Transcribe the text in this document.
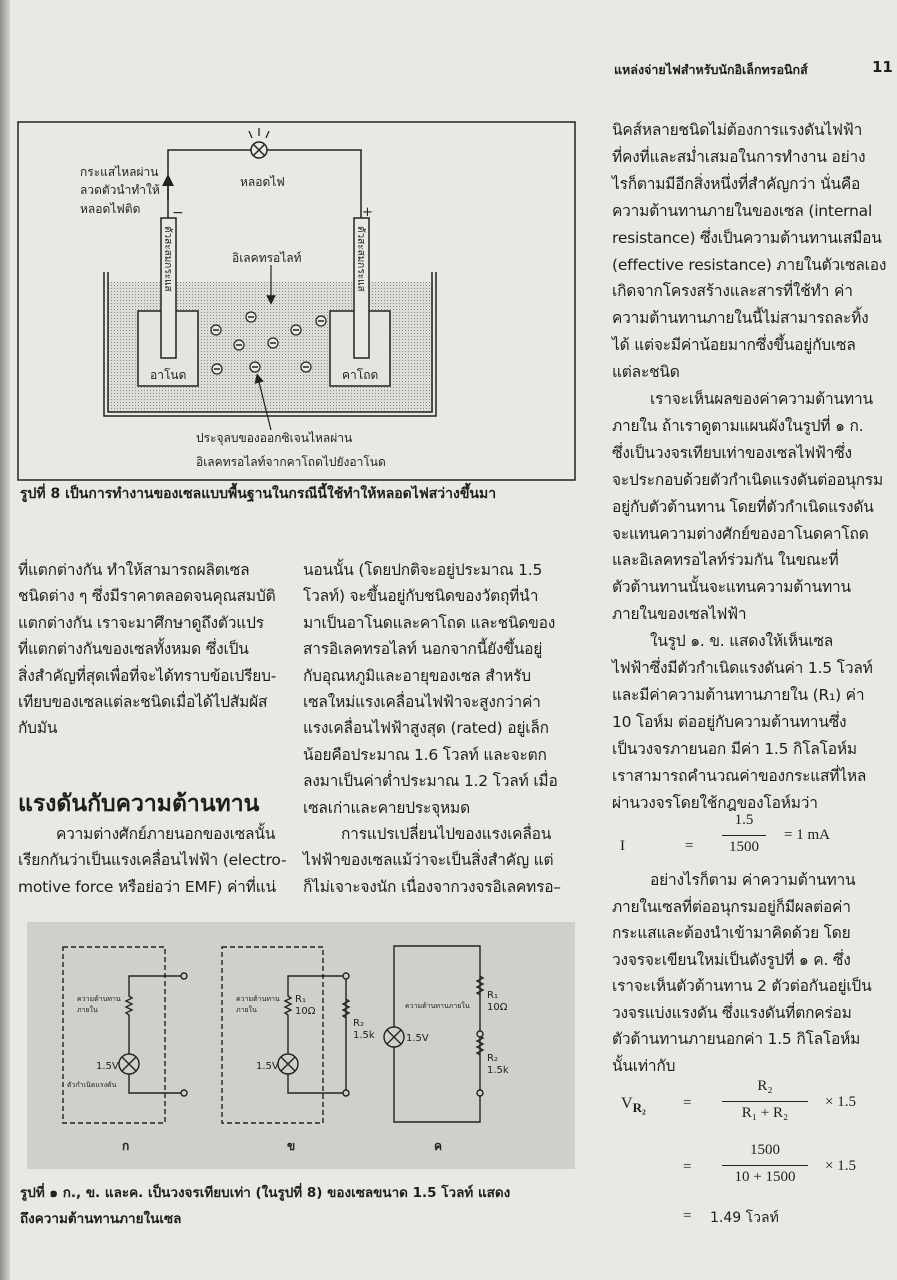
แหล่งจ่ายไฟสำหรับนักอิเล็กทรอนิกส์	11
กระแสไหลผ่าน
ลวดตัวนำทำให้
หลอดไฟติด
หลอดไฟ
−	+
อิเลคทรอไลท์
อาโนด	คาโถด
ตัวสะสมกระแส	ตัวสะสมกระแส
ประจุลบของออกซิเจนไหลผ่าน
อิเลคทรอไลท์จากคาโถดไปยังอาโนด
รูปที่ 8 เป็นการทำงานของเซลแบบพื้นฐานในกรณีนี้ใช้ทำให้หลอดไฟสว่างขึ้นมา
ที่แตกต่างกัน ทำให้สามารถผลิตเซล
ชนิดต่าง ๆ ซึ่งมีราคาตลอดจนคุณสมบัติ
แตกต่างกัน เราจะมาศึกษาดูถึงตัวแปร
ที่แตกต่างกันของเซลทั้งหมด ซึ่งเป็น
สิ่งสำคัญที่สุดเพื่อที่จะได้ทราบข้อเปรียบ-
เทียบของเซลแต่ละชนิดเมื่อได้ไปสัมผัส
กับมัน
แรงดันกับความต้านทาน
ความต่างศักย์ภายนอกของเซลนั้น
เรียกกันว่าเป็นแรงเคลื่อนไฟฟ้า (electro-
motive force หรือย่อว่า EMF) ค่าที่แน่
นอนนั้น (โดยปกติจะอยู่ประมาณ 1.5
โวลท์) จะขึ้นอยู่กับชนิดของวัตถุที่นำ
มาเป็นอาโนดและคาโถด และชนิดของ
สารอิเลคทรอไลท์ นอกจากนี้ยังขึ้นอยู่
กับอุณหภูมิและอายุของเซล สำหรับ
เซลใหม่แรงเคลื่อนไฟฟ้าจะสูงกว่าค่า
แรงเคลื่อนไฟฟ้าสูงสุด (rated) อยู่เล็ก
น้อยคือประมาณ 1.6 โวลท์ และจะตก
ลงมาเป็นค่าต่ำประมาณ 1.2 โวลท์ เมื่อ
เซลเก่าและคายประจุหมด
การแปรเปลี่ยนไปของแรงเคลื่อน
ไฟฟ้าของเซลแม้ว่าจะเป็นสิ่งสำคัญ แต่
ก็ไม่เจาะจงนัก เนื่องจากวงจรอิเลคทรอ–
นิคส์หลายชนิดไม่ต้องการแรงดันไฟฟ้า
ที่คงที่และสม่ำเสมอในการทำงาน อย่าง
ไรก็ตามมีอีกสิ่งหนึ่งที่สำคัญกว่า นั่นคือ
ความต้านทานภายในของเซล (internal
resistance) ซึ่งเป็นความต้านทานเสมือน
(effective resistance) ภายในตัวเซลเอง
เกิดจากโครงสร้างและสารที่ใช้ทำ ค่า
ความต้านทานภายในนี้ไม่สามารถละทิ้ง
ได้ แต่จะมีค่าน้อยมากซึ่งขึ้นอยู่กับเซล
แต่ละชนิด
เราจะเห็นผลของค่าความต้านทาน
ภายใน ถ้าเราดูตามแผนผังในรูปที่ ๑ ก.
ซึ่งเป็นวงจรเทียบเท่าของเซลไฟฟ้าซึ่ง
จะประกอบด้วยตัวกำเนิดแรงดันต่ออนุกรม
อยู่กับตัวต้านทาน โดยที่ตัวกำเนิดแรงดัน
จะแทนความต่างศักย์ของอาโนดคาโถด
และอิเลคทรอไลท์ร่วมกัน ในขณะที่
ตัวต้านทานนั้นจะแทนความต้านทาน
ภายในของเซลไฟฟ้า
ในรูป ๑. ข. แสดงให้เห็นเซล
ไฟฟ้าซึ่งมีตัวกำเนิดแรงดันค่า 1.5 โวลท์
และมีค่าความต้านทานภายใน (R₁) ค่า
10 โอห์ม ต่ออยู่กับความต้านทานซึ่ง
เป็นวงจรภายนอก มีค่า 1.5 กิโลโอห์ม
เราสามารถคำนวณค่าของกระแสที่ไหล
ผ่านวงจรโดยใช้กฎของโอห์มว่า
อย่างไรก็ตาม ค่าความต้านทาน
ภายในเซลที่ต่ออนุกรมอยู่ก็มีผลต่อค่า
กระแสและต้องนำเข้ามาคิดด้วย โดย
วงจรจะเขียนใหม่เป็นดังรูปที่ ๑ ค. ซึ่ง
เราจะเห็นตัวต้านทาน 2 ตัวต่อกันอยู่เป็น
วงจรแบ่งแรงดัน ซึ่งแรงดันที่ตกคร่อม
ตัวต้านทานภายนอกค่า 1.5 กิโลโอห์ม
นั้นเท่ากับ
I	=
1.5
1500
= 1 mA
$V_{R_2}$ =
R₂
R₁ + R₂
× 1.5
=
1500
10 + 1500
× 1.5
= 1.49 โวลท์
ความต้านทาน
ภายใน
ตัวกำเนิดแรงดัน
ความต้านทาน
ภายใน	ความต้านทานภายใน
1.5V	1.5V
1.5V
R₁
10Ω
R₂
1.5k
R₁
10Ω
R₂
1.5k
ก	ข	ค
รูปที่ ๑ ก., ข. และค. เป็นวงจรเทียบเท่า (ในรูปที่ 8) ของเซลขนาด 1.5 โวลท์ แสดง
ถึงความต้านทานภายในเซล
